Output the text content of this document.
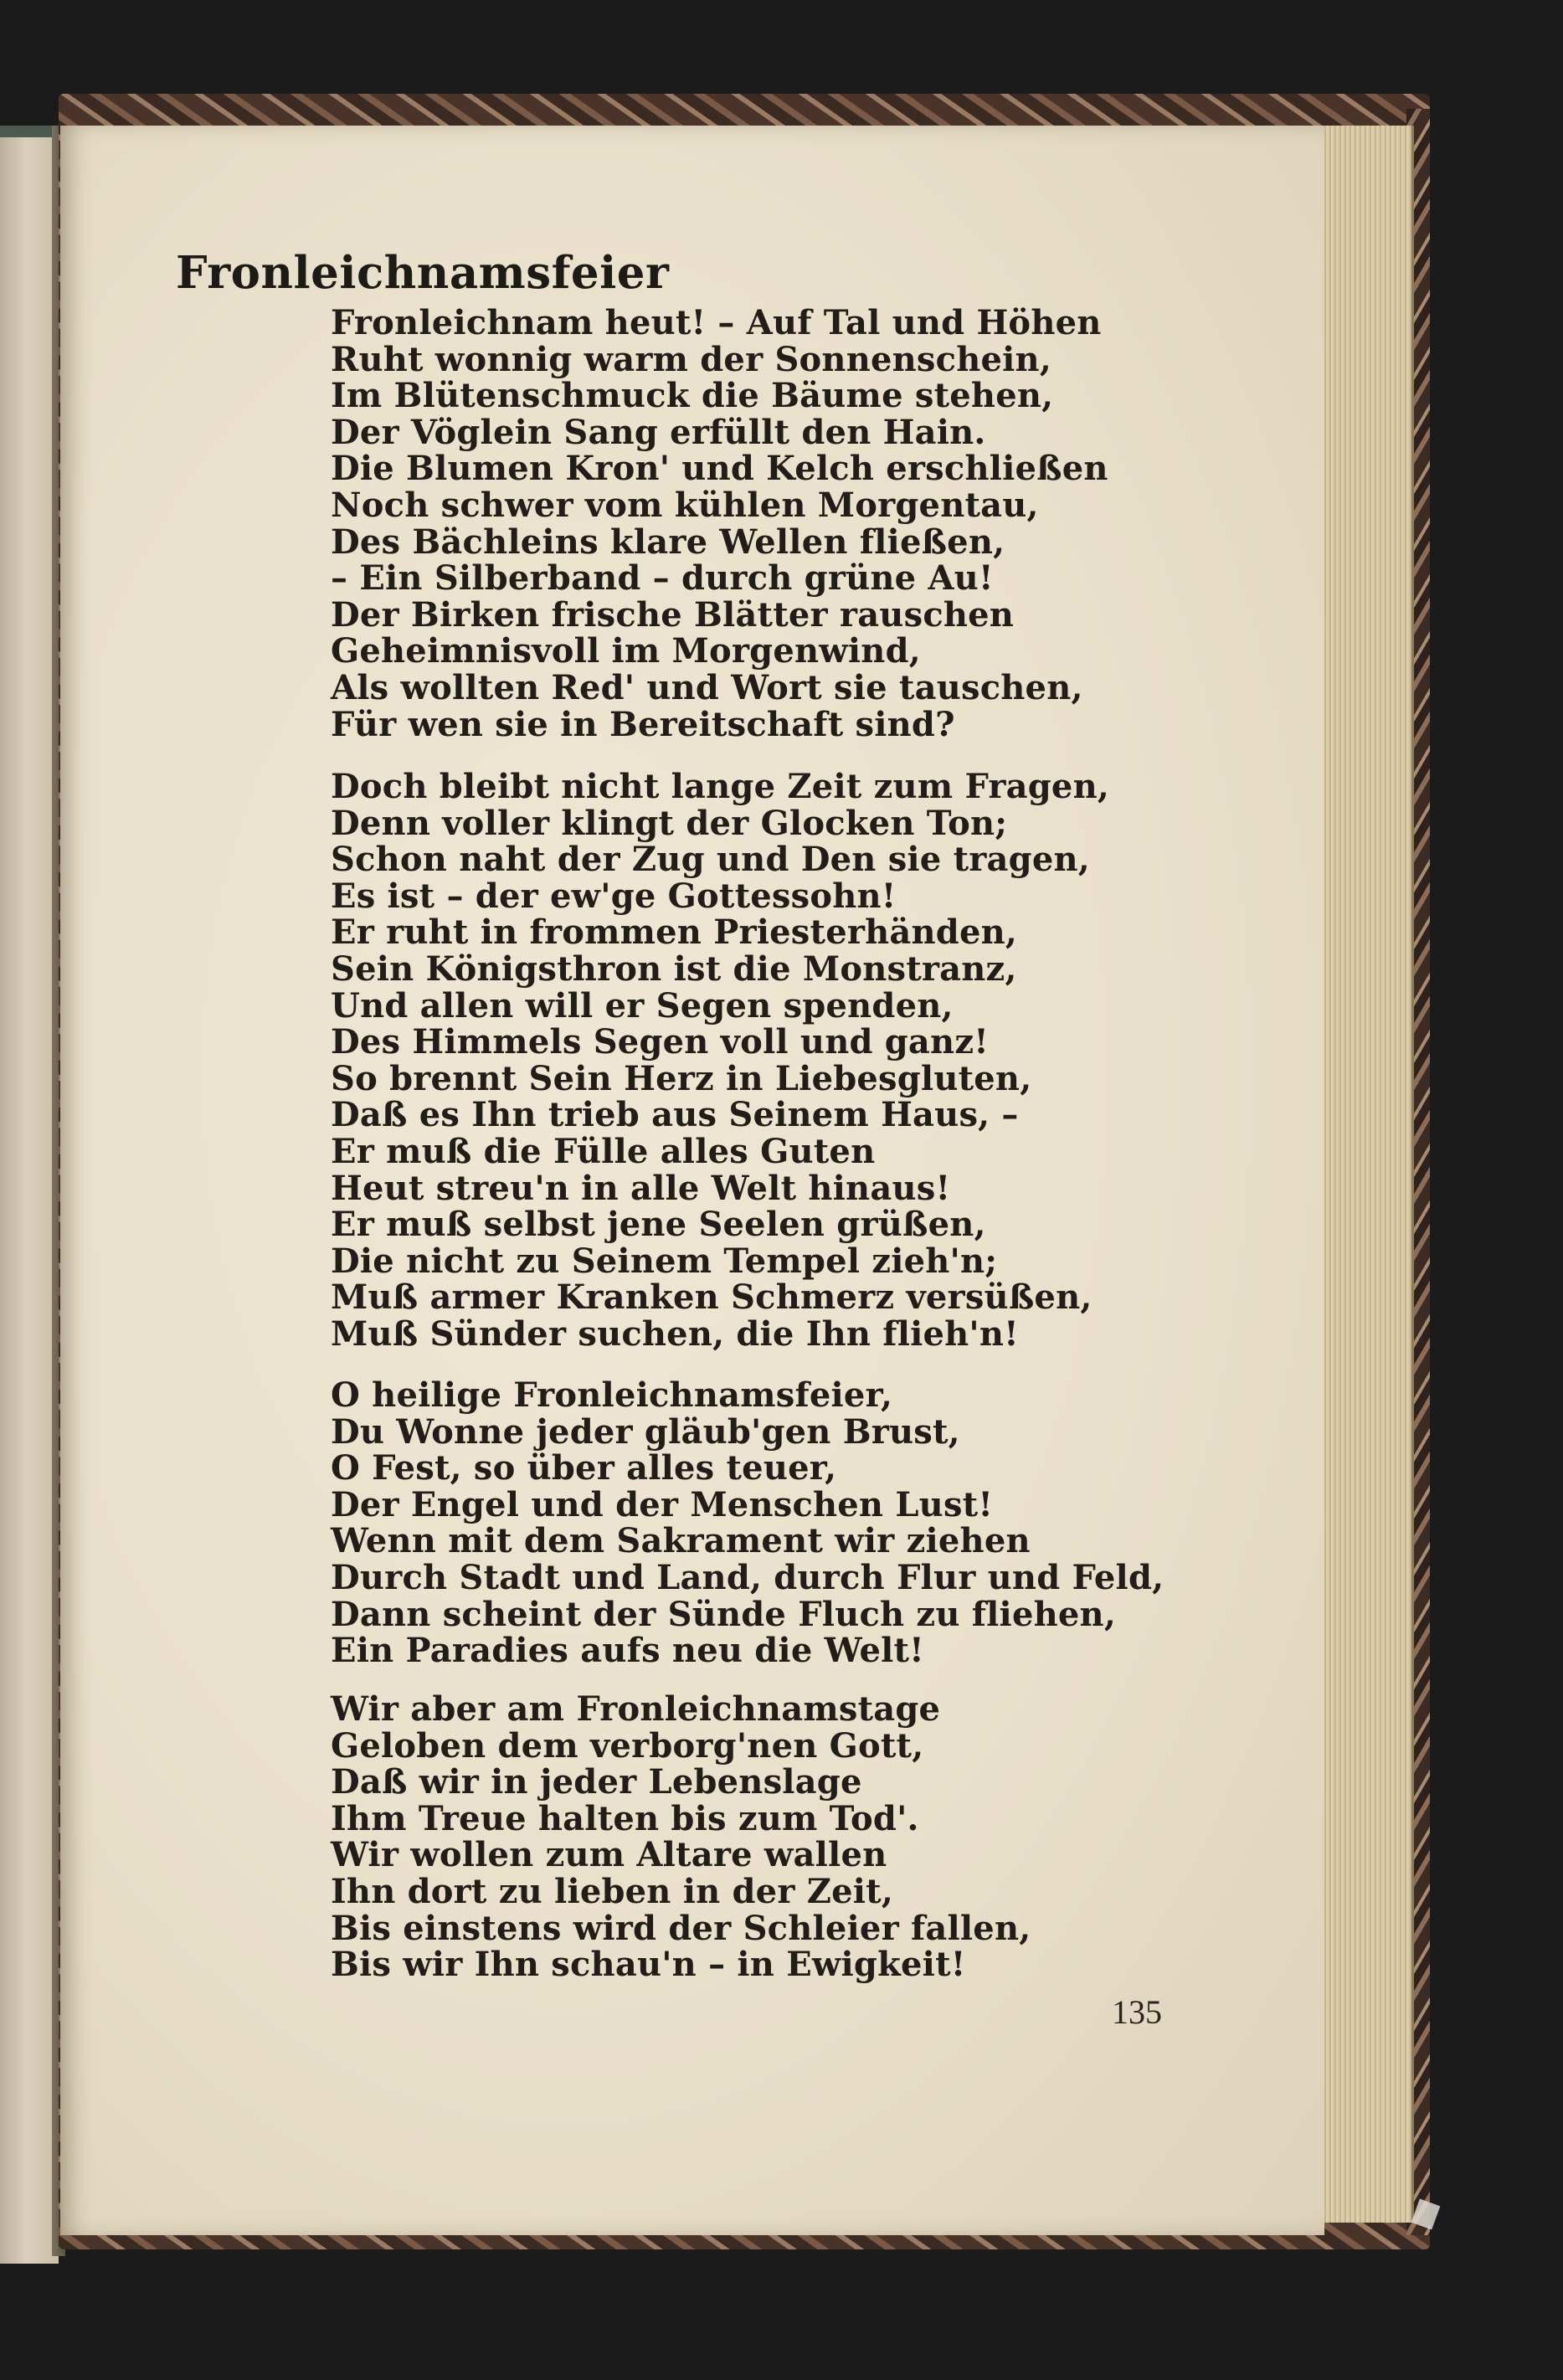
Fronleichnamsfeier
Fronleichnam heut! – Auf Tal und Höhen
Ruht wonnig warm der Sonnenschein,
Im Blütenschmuck die Bäume stehen,
Der Vöglein Sang erfüllt den Hain.
Die Blumen Kron' und Kelch erschließen
Noch schwer vom kühlen Morgentau,
Des Bächleins klare Wellen fließen,
– Ein Silberband – durch grüne Au!
Der Birken frische Blätter rauschen
Geheimnisvoll im Morgenwind,
Als wollten Red' und Wort sie tauschen,
Für wen sie in Bereitschaft sind?
Doch bleibt nicht lange Zeit zum Fragen,
Denn voller klingt der Glocken Ton;
Schon naht der Zug und Den sie tragen,
Es ist – der ew'ge Gottessohn!
Er ruht in frommen Priesterhänden,
Sein Königsthron ist die Monstranz,
Und allen will er Segen spenden,
Des Himmels Segen voll und ganz!
So brennt Sein Herz in Liebesgluten,
Daß es Ihn trieb aus Seinem Haus, –
Er muß die Fülle alles Guten
Heut streu'n in alle Welt hinaus!
Er muß selbst jene Seelen grüßen,
Die nicht zu Seinem Tempel zieh'n;
Muß armer Kranken Schmerz versüßen,
Muß Sünder suchen, die Ihn flieh'n!
O heilige Fronleichnamsfeier,
Du Wonne jeder gläub'gen Brust,
O Fest, so über alles teuer,
Der Engel und der Menschen Lust!
Wenn mit dem Sakrament wir ziehen
Durch Stadt und Land, durch Flur und Feld,
Dann scheint der Sünde Fluch zu fliehen,
Ein Paradies aufs neu die Welt!
Wir aber am Fronleichnamstage
Geloben dem verborg'nen Gott,
Daß wir in jeder Lebenslage
Ihm Treue halten bis zum Tod'.
Wir wollen zum Altare wallen
Ihn dort zu lieben in der Zeit,
Bis einstens wird der Schleier fallen,
Bis wir Ihn schau'n – in Ewigkeit!
135
